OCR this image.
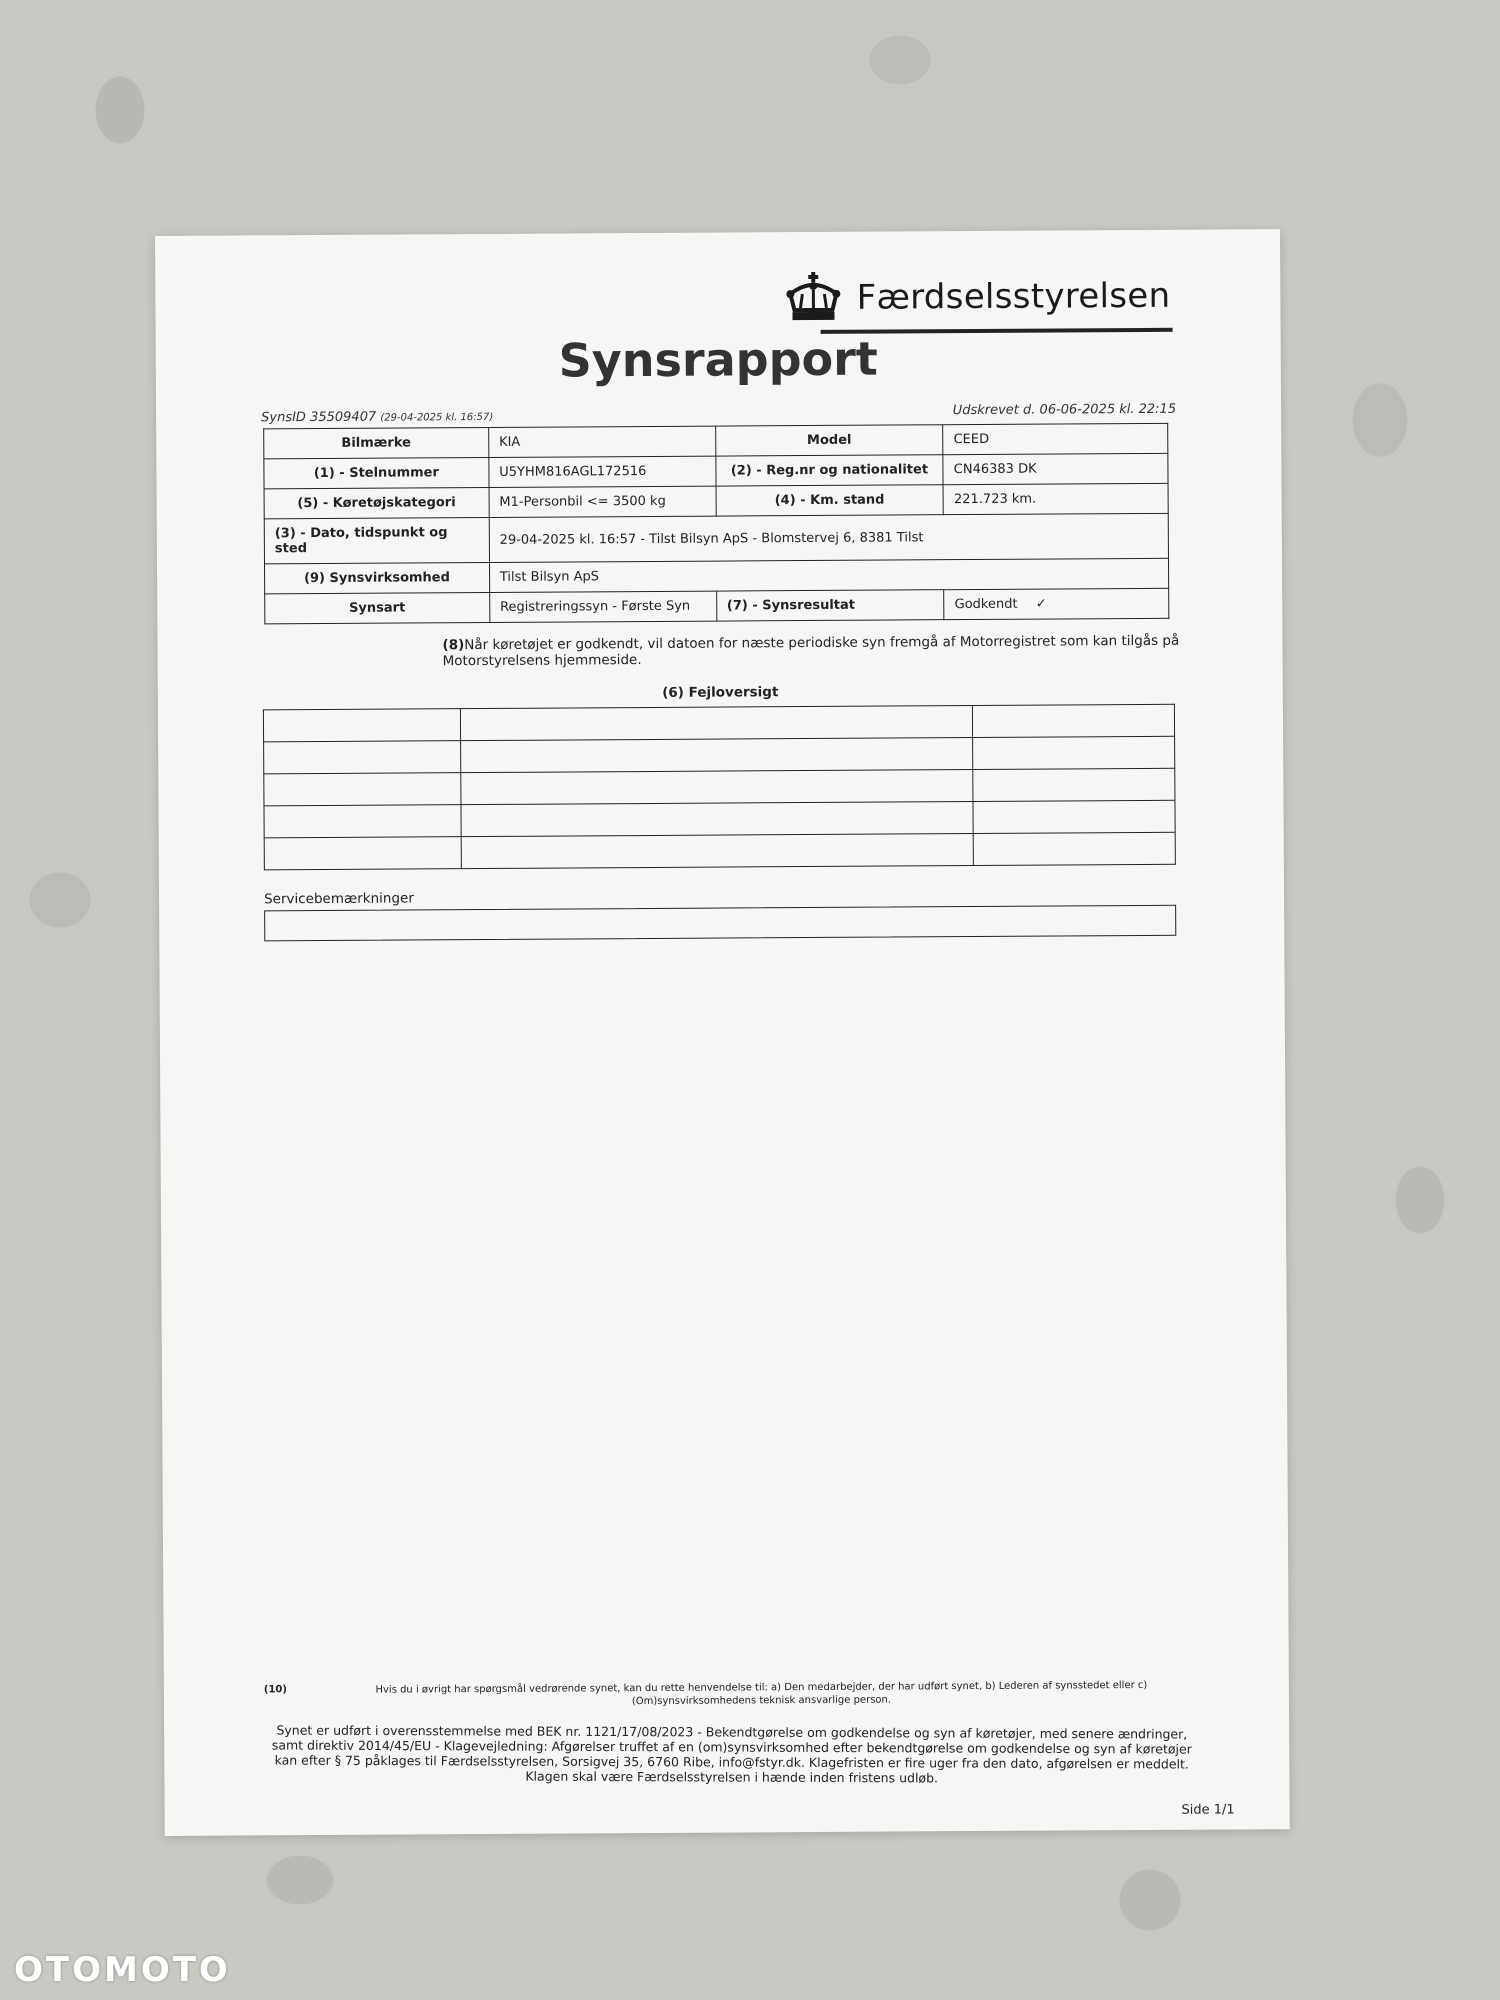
Færdselsstyrelsen
Synsrapport
SynsID 35509407 (29-04-2025 kl. 16:57)	Udskrevet d. 06-06-2025 kl. 22:15
Bilmærke	KIA	Model	CEED
(1) - Stelnummer	U5YHM816AGL172516	(2) - Reg.nr og nationalitet	CN46383 DK
(5) - Køretøjskategori	M1-Personbil <= 3500 kg	(4) - Km. stand	221.723 km.
(3) - Dato, tidspunkt og sted	29-04-2025 kl. 16:57 - Tilst Bilsyn ApS - Blomstervej 6, 8381 Tilst		
(9) Synsvirksomhed	Tilst Bilsyn ApS		
Synsart	Registreringssyn - Første Syn	(7) - Synsresultat	Godkendt ✓
(8)Når køretøjet er godkendt, vil datoen for næste periodiske syn fremgå af Motorregistret som kan tilgås på Motorstyrelsens hjemmeside.
(6) Fejloversigt

Servicebemærkninger
(10)	Hvis du i øvrigt har spørgsmål vedrørende synet, kan du rette henvendelse til: a) Den medarbejder, der har udført synet, b) Lederen af synsstedet eller c) (Om)synsvirksomhedens teknisk ansvarlige person.
Synet er udført i overensstemmelse med BEK nr. 1121/17/08/2023 - Bekendtgørelse om godkendelse og syn af køretøjer, med senere ændringer, samt direktiv 2014/45/EU - Klagevejledning: Afgørelser truffet af en (om)synsvirksomhed efter bekendtgørelse om godkendelse og syn af køretøjer kan efter § 75 påklages til Færdselsstyrelsen, Sorsigvej 35, 6760 Ribe, info@fstyr.dk. Klagefristen er fire uger fra den dato, afgørelsen er meddelt. Klagen skal være Færdselsstyrelsen i hænde inden fristens udløb.
Side 1/1
OTOMOTO
